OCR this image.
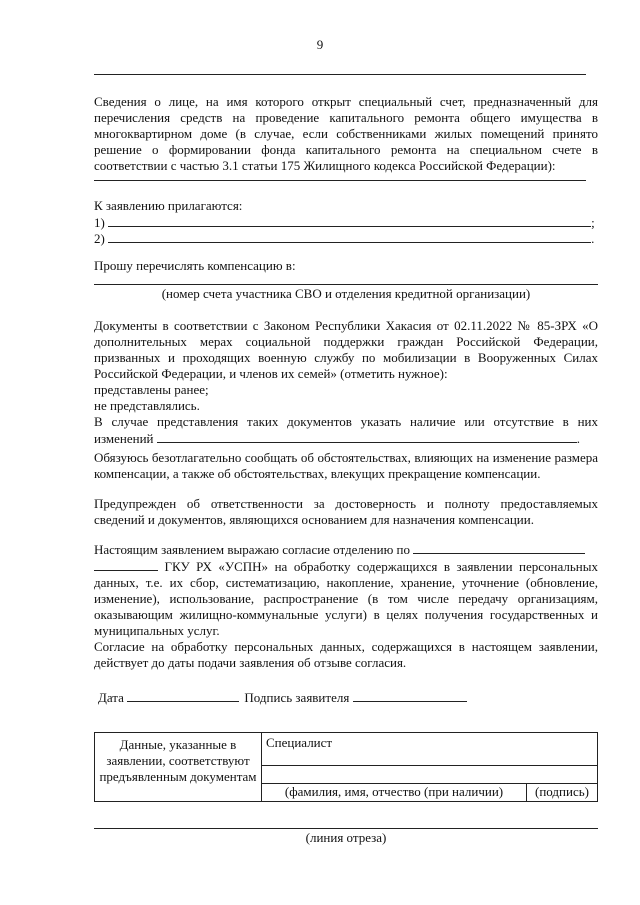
9

Сведения о лице, на имя которого открыт специальный счет, предназначенный для перечисления средств на проведение капитального ремонта общего имущества в многоквартирном доме (в случае, если собственниками жилых помещений принято решение о формировании фонда капитального ремонта на специальном счете в соответствии с частью 3.1 статьи 175 Жилищного кодекса Российской Федерации):

К заявлению прилагаются:
1)	;
2)	.
Прошу перечислять компенсацию в:
(номер счета участника СВО и отделения кредитной организации)

Документы в соответствии с Законом Республики Хакасия от 02.11.2022 № 85-ЗРХ «О дополнительных мерах социальной поддержки граждан Российской Федерации, призванных и проходящих военную службу по мобилизации в Вооруженных Силах Российской Федерации, и членов их семей» (отметить нужное):

представлены ранее;

не представлялись.

В случае представления таких документов указать наличие или отсутствие в них

изменений	.

Обязуюсь безотлагательно сообщать об обстоятельствах, влияющих на изменение размера компенсации, а также об обстоятельствах, влекущих прекращение компенсации.

Предупрежден об ответственности за достоверность и полноту предоставляемых сведений и документов, являющихся основанием для назначения компенсации.

Настоящим заявлением выражаю согласие отделению по

ГКУ РХ «УСПН» на обработку содержащихся в заявлении персональных данных, т.е. их сбор, систематизацию, накопление, хранение, уточнение (обновление, изменение), использование, распространение (в том числе передачу организациям, оказывающим жилищно-коммунальные услуги) в целях получения государственных и муниципальных услуг.

Согласие на обработку персональных данных, содержащихся в настоящем заявлении, действует до даты подачи заявления об отзыве согласия.

Дата	Подпись заявителя
Данные, указанные в заявлении, соответствуют предъявленным документам	Специалист	

	(фамилия, имя, отчество (при наличии)	(подпись)
(линия отреза)
